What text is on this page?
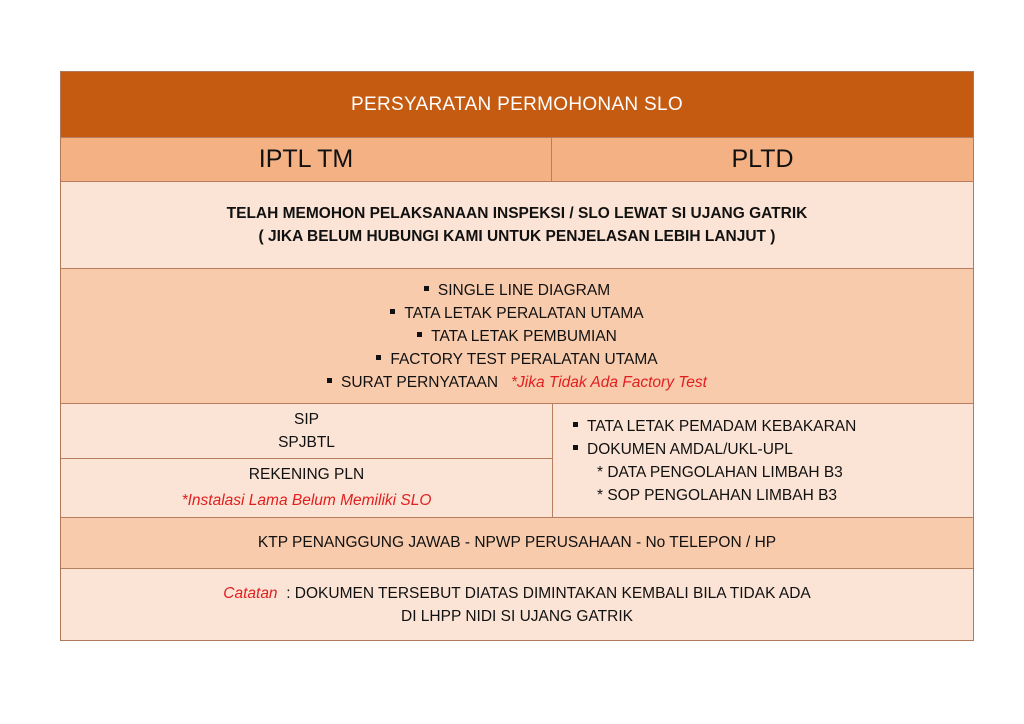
PERSYARATAN PERMOHONAN SLO
IPTL TM	PLTD
TELAH MEMOHON PELAKSANAAN INSPEKSI / SLO LEWAT SI UJANG GATRIK
( JIKA BELUM HUBUNGI KAMI UNTUK PENJELASAN LEBIH LANJUT )
SINGLE LINE DIAGRAM
TATA LETAK PERALATAN UTAMA
TATA LETAK PEMBUMIAN
FACTORY TEST PERALATAN UTAMA
SURAT PERNYATAAN *Jika Tidak Ada Factory Test
SIP
SPJBTL
REKENING PLN
*Instalasi Lama Belum Memiliki SLO
TATA LETAK PEMADAM KEBAKARAN
DOKUMEN AMDAL/UKL-UPL
* DATA PENGOLAHAN LIMBAH B3
* SOP PENGOLAHAN LIMBAH B3
KTP PENANGGUNG JAWAB - NPWP PERUSAHAAN - No TELEPON / HP
Catatan : DOKUMEN TERSEBUT DIATAS DIMINTAKAN KEMBALI BILA TIDAK ADA
DI LHPP NIDI SI UJANG GATRIK
